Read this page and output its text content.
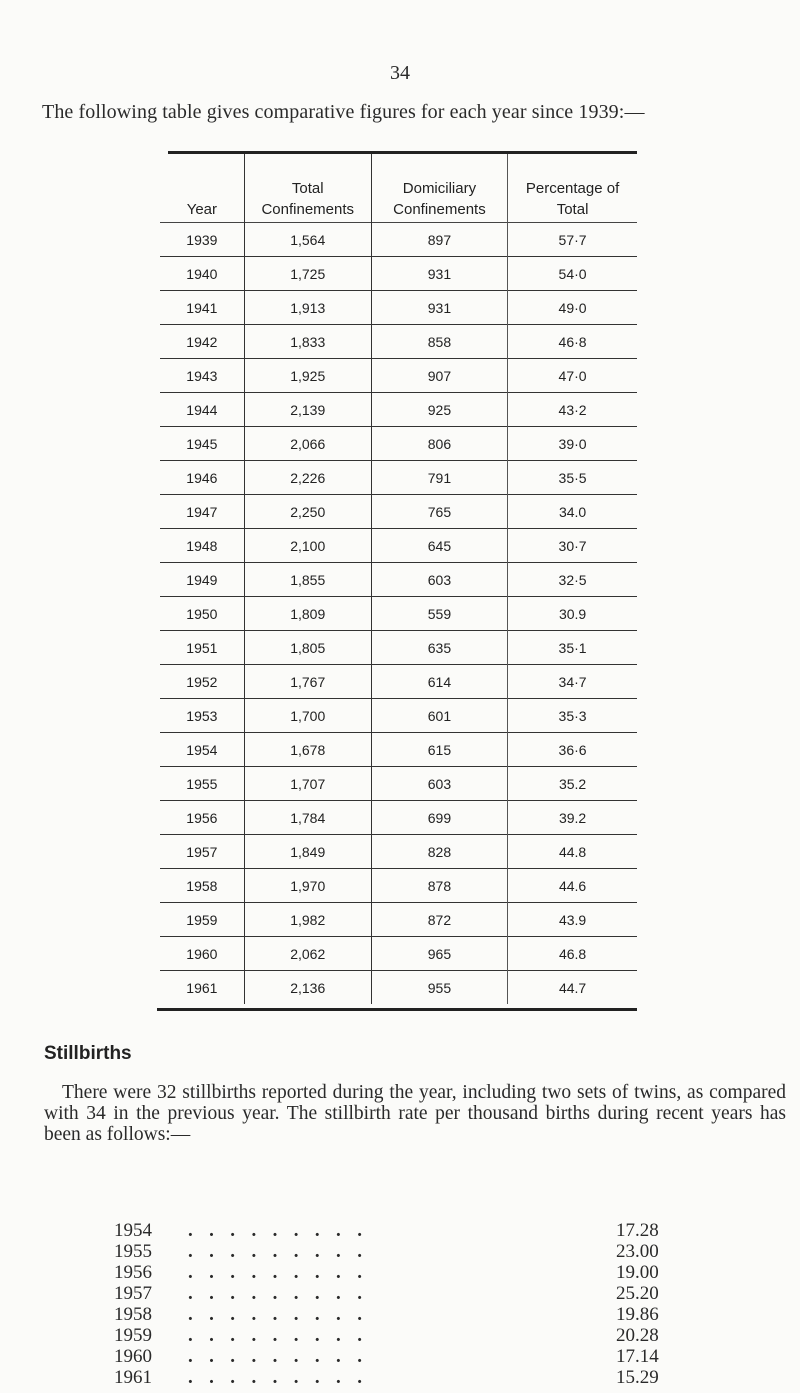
34
The following table gives comparative figures for each year since 1939:—
Year	Total Confinements	Domiciliary Confinements	Percentage of Total
1939	1,564	897	57·7
1940	1,725	931	54·0
1941	1,913	931	49·0
1942	1,833	858	46·8
1943	1,925	907	47·0
1944	2,139	925	43·2
1945	2,066	806	39·0
1946	2,226	791	35·5
1947	2,250	765	34.0
1948	2,100	645	30·7
1949	1,855	603	32·5
1950	1,809	559	30.9
1951	1,805	635	35·1
1952	1,767	614	34·7
1953	1,700	601	35·3
1954	1,678	615	36·6
1955	1,707	603	35.2
1956	1,784	699	39.2
1957	1,849	828	44.8
1958	1,970	878	44.6
1959	1,982	872	43.9
1960	2,062	965	46.8
1961	2,136	955	44.7
Stillbirths
There were 32 stillbirths reported during the year, including two sets of twins, as compared with 34 in the previous year. The stillbirth rate per thousand births during recent years has been as follows:—
1954	.........	17.28
1955	.........	23.00
1956	.........	19.00
1957	.........	25.20
1958	.........	19.86
1959	.........	20.28
1960	.........	17.14
1961	.........	15.29
